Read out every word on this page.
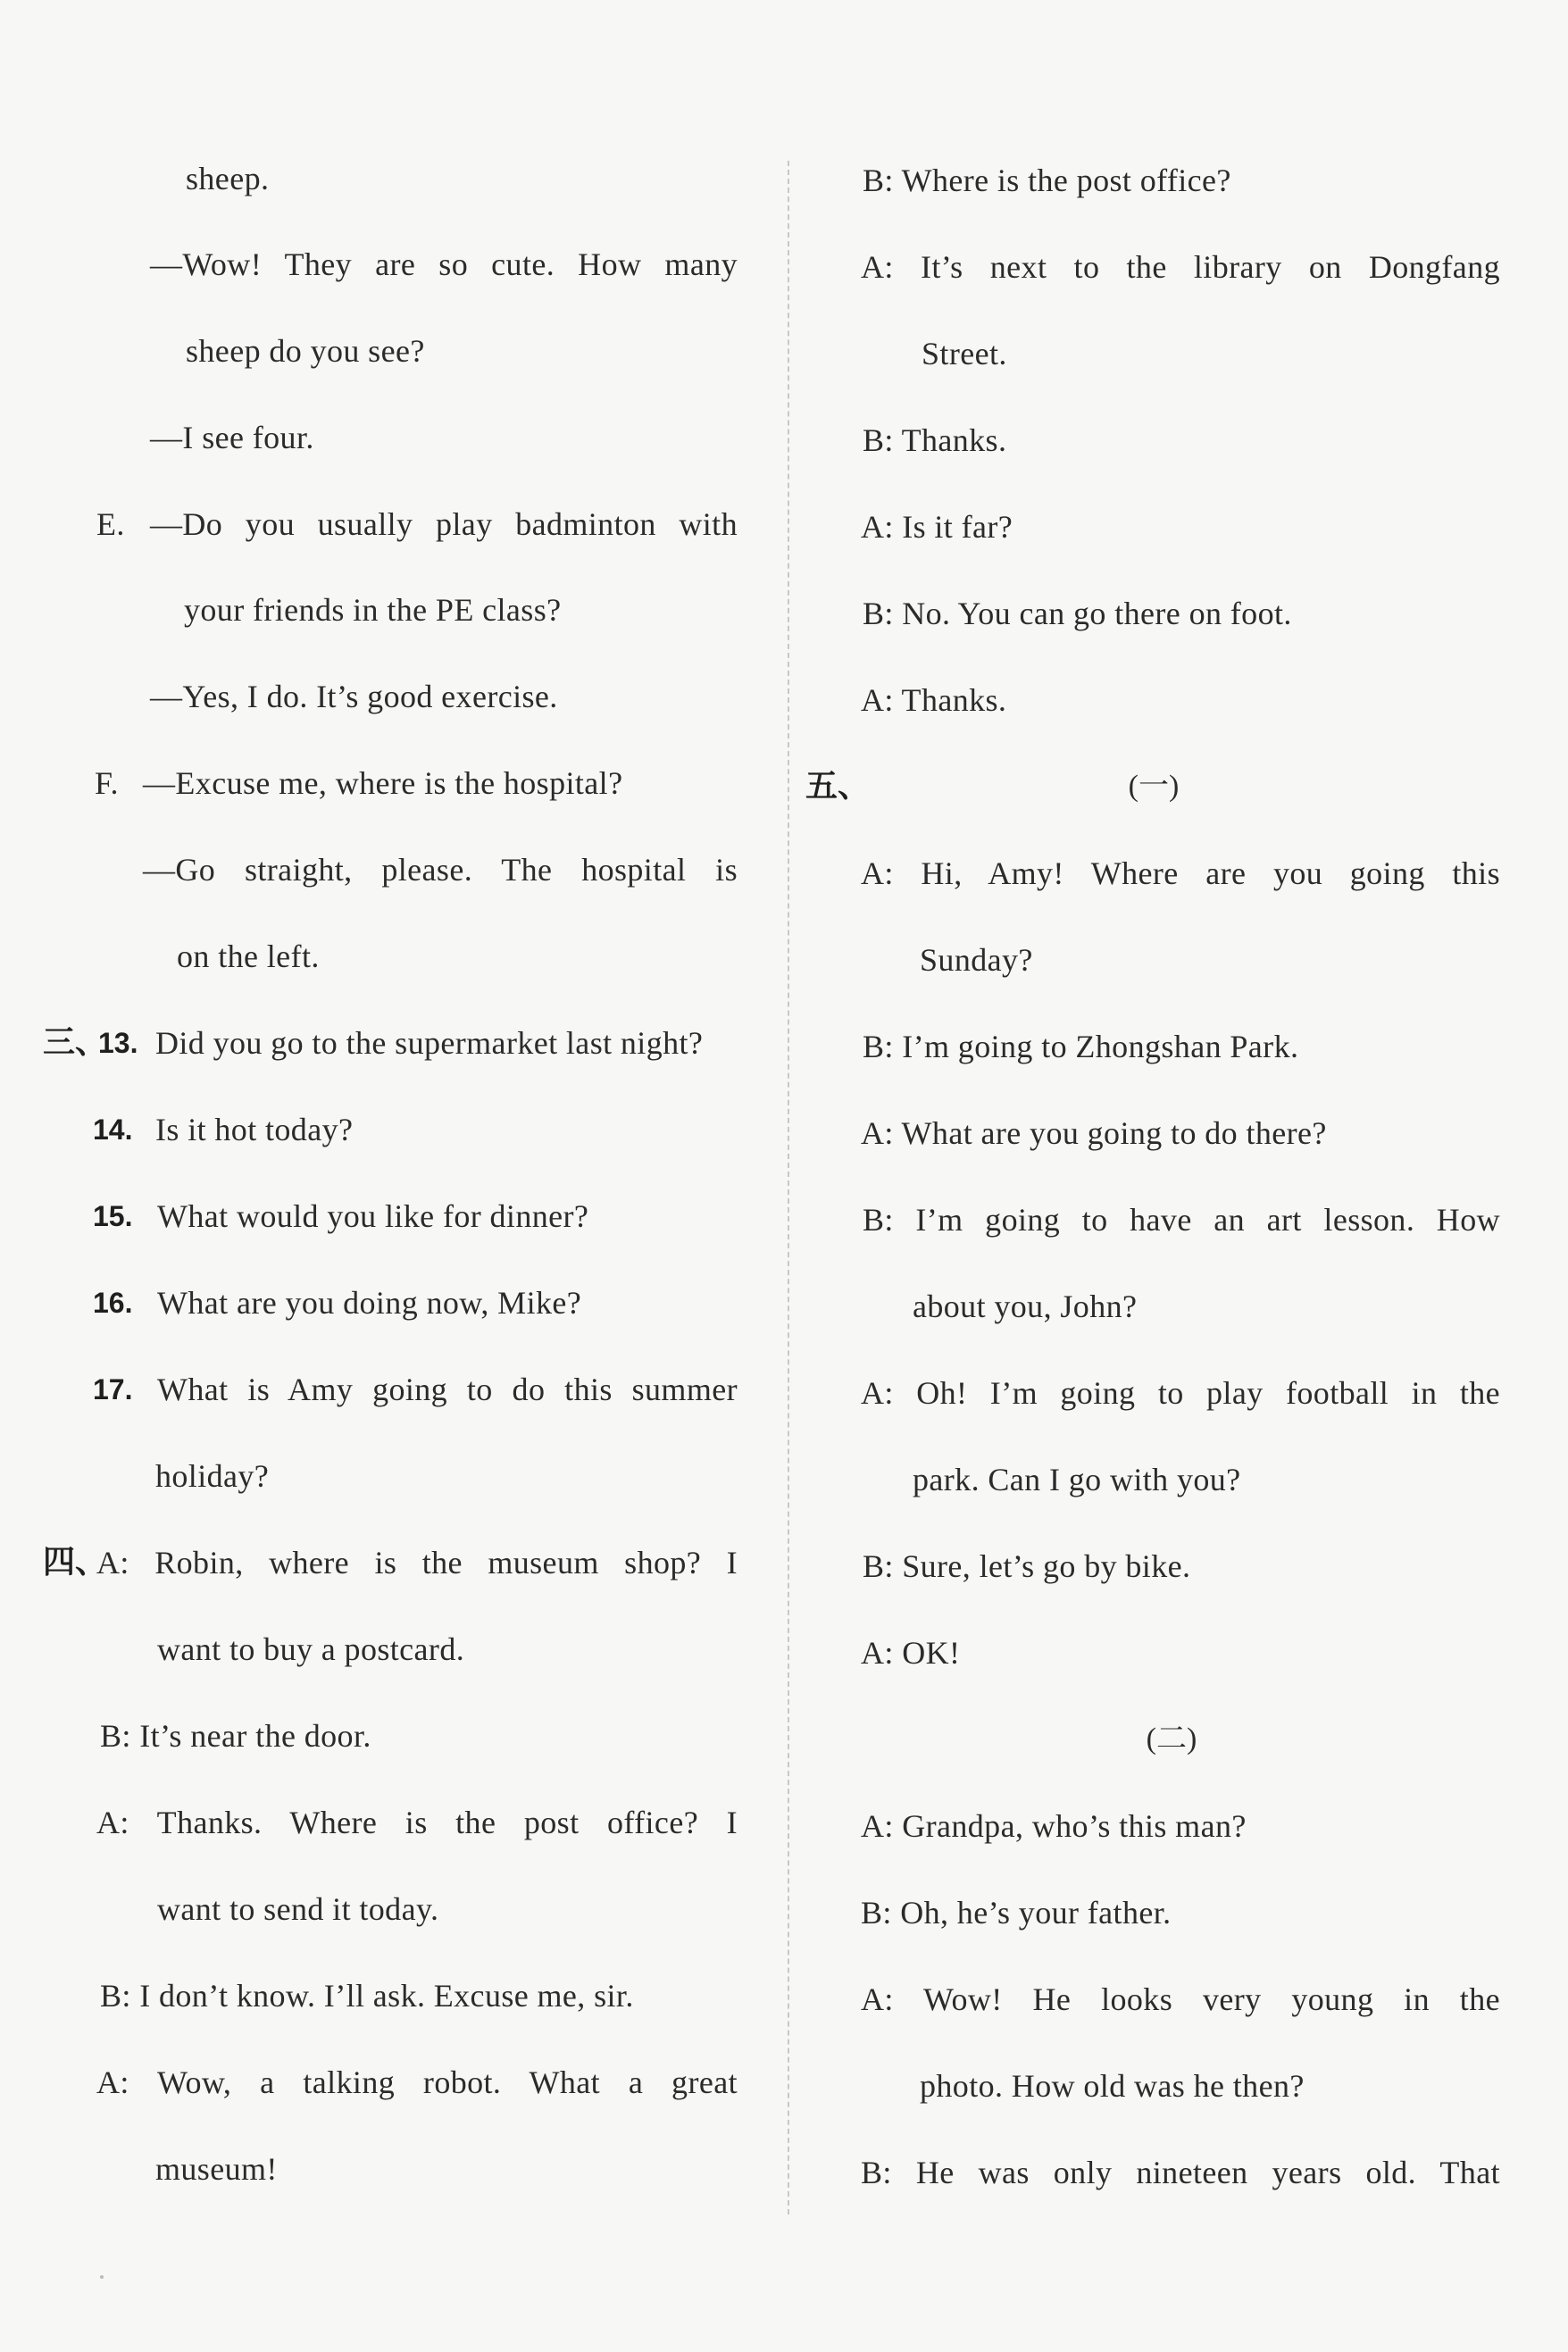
sheep.
—Wow! They are so cute. How many
sheep do you see?
—I see four.
E. —Do you usually play badminton with
your friends in the PE class?
—Yes, I do. It’s good exercise.
F. —Excuse me, where is the hospital?
—Go straight, please. The hospital is
on the left.
三、
13. Did you go to the supermarket last night?
14. Is it hot today?
15. What would you like for dinner?
16. What are you doing now, Mike?
17. What is Amy going to do this summer
holiday?
四、
A: Robin, where is the museum shop? I
want to buy a postcard.
B: It’s near the door.
A: Thanks. Where is the post office? I
want to send it today.
B: I don’t know. I’ll ask. Excuse me, sir.
A: Wow, a talking robot. What a great
museum!
B: Where is the post office?
A: It’s next to the library on Dongfang
Street.
B: Thanks.
A: Is it far?
B: No. You can go there on foot.
A: Thanks.
五、	(一)
A: Hi, Amy! Where are you going this
Sunday?
B: I’m going to Zhongshan Park.
A: What are you going to do there?
B: I’m going to have an art lesson. How
about you, John?
A: Oh! I’m going to play football in the
park. Can I go with you?
B: Sure, let’s go by bike.
A: OK!
(二)
A: Grandpa, who’s this man?
B: Oh, he’s your father.
A: Wow! He looks very young in the
photo. How old was he then?
B: He was only nineteen years old. That
